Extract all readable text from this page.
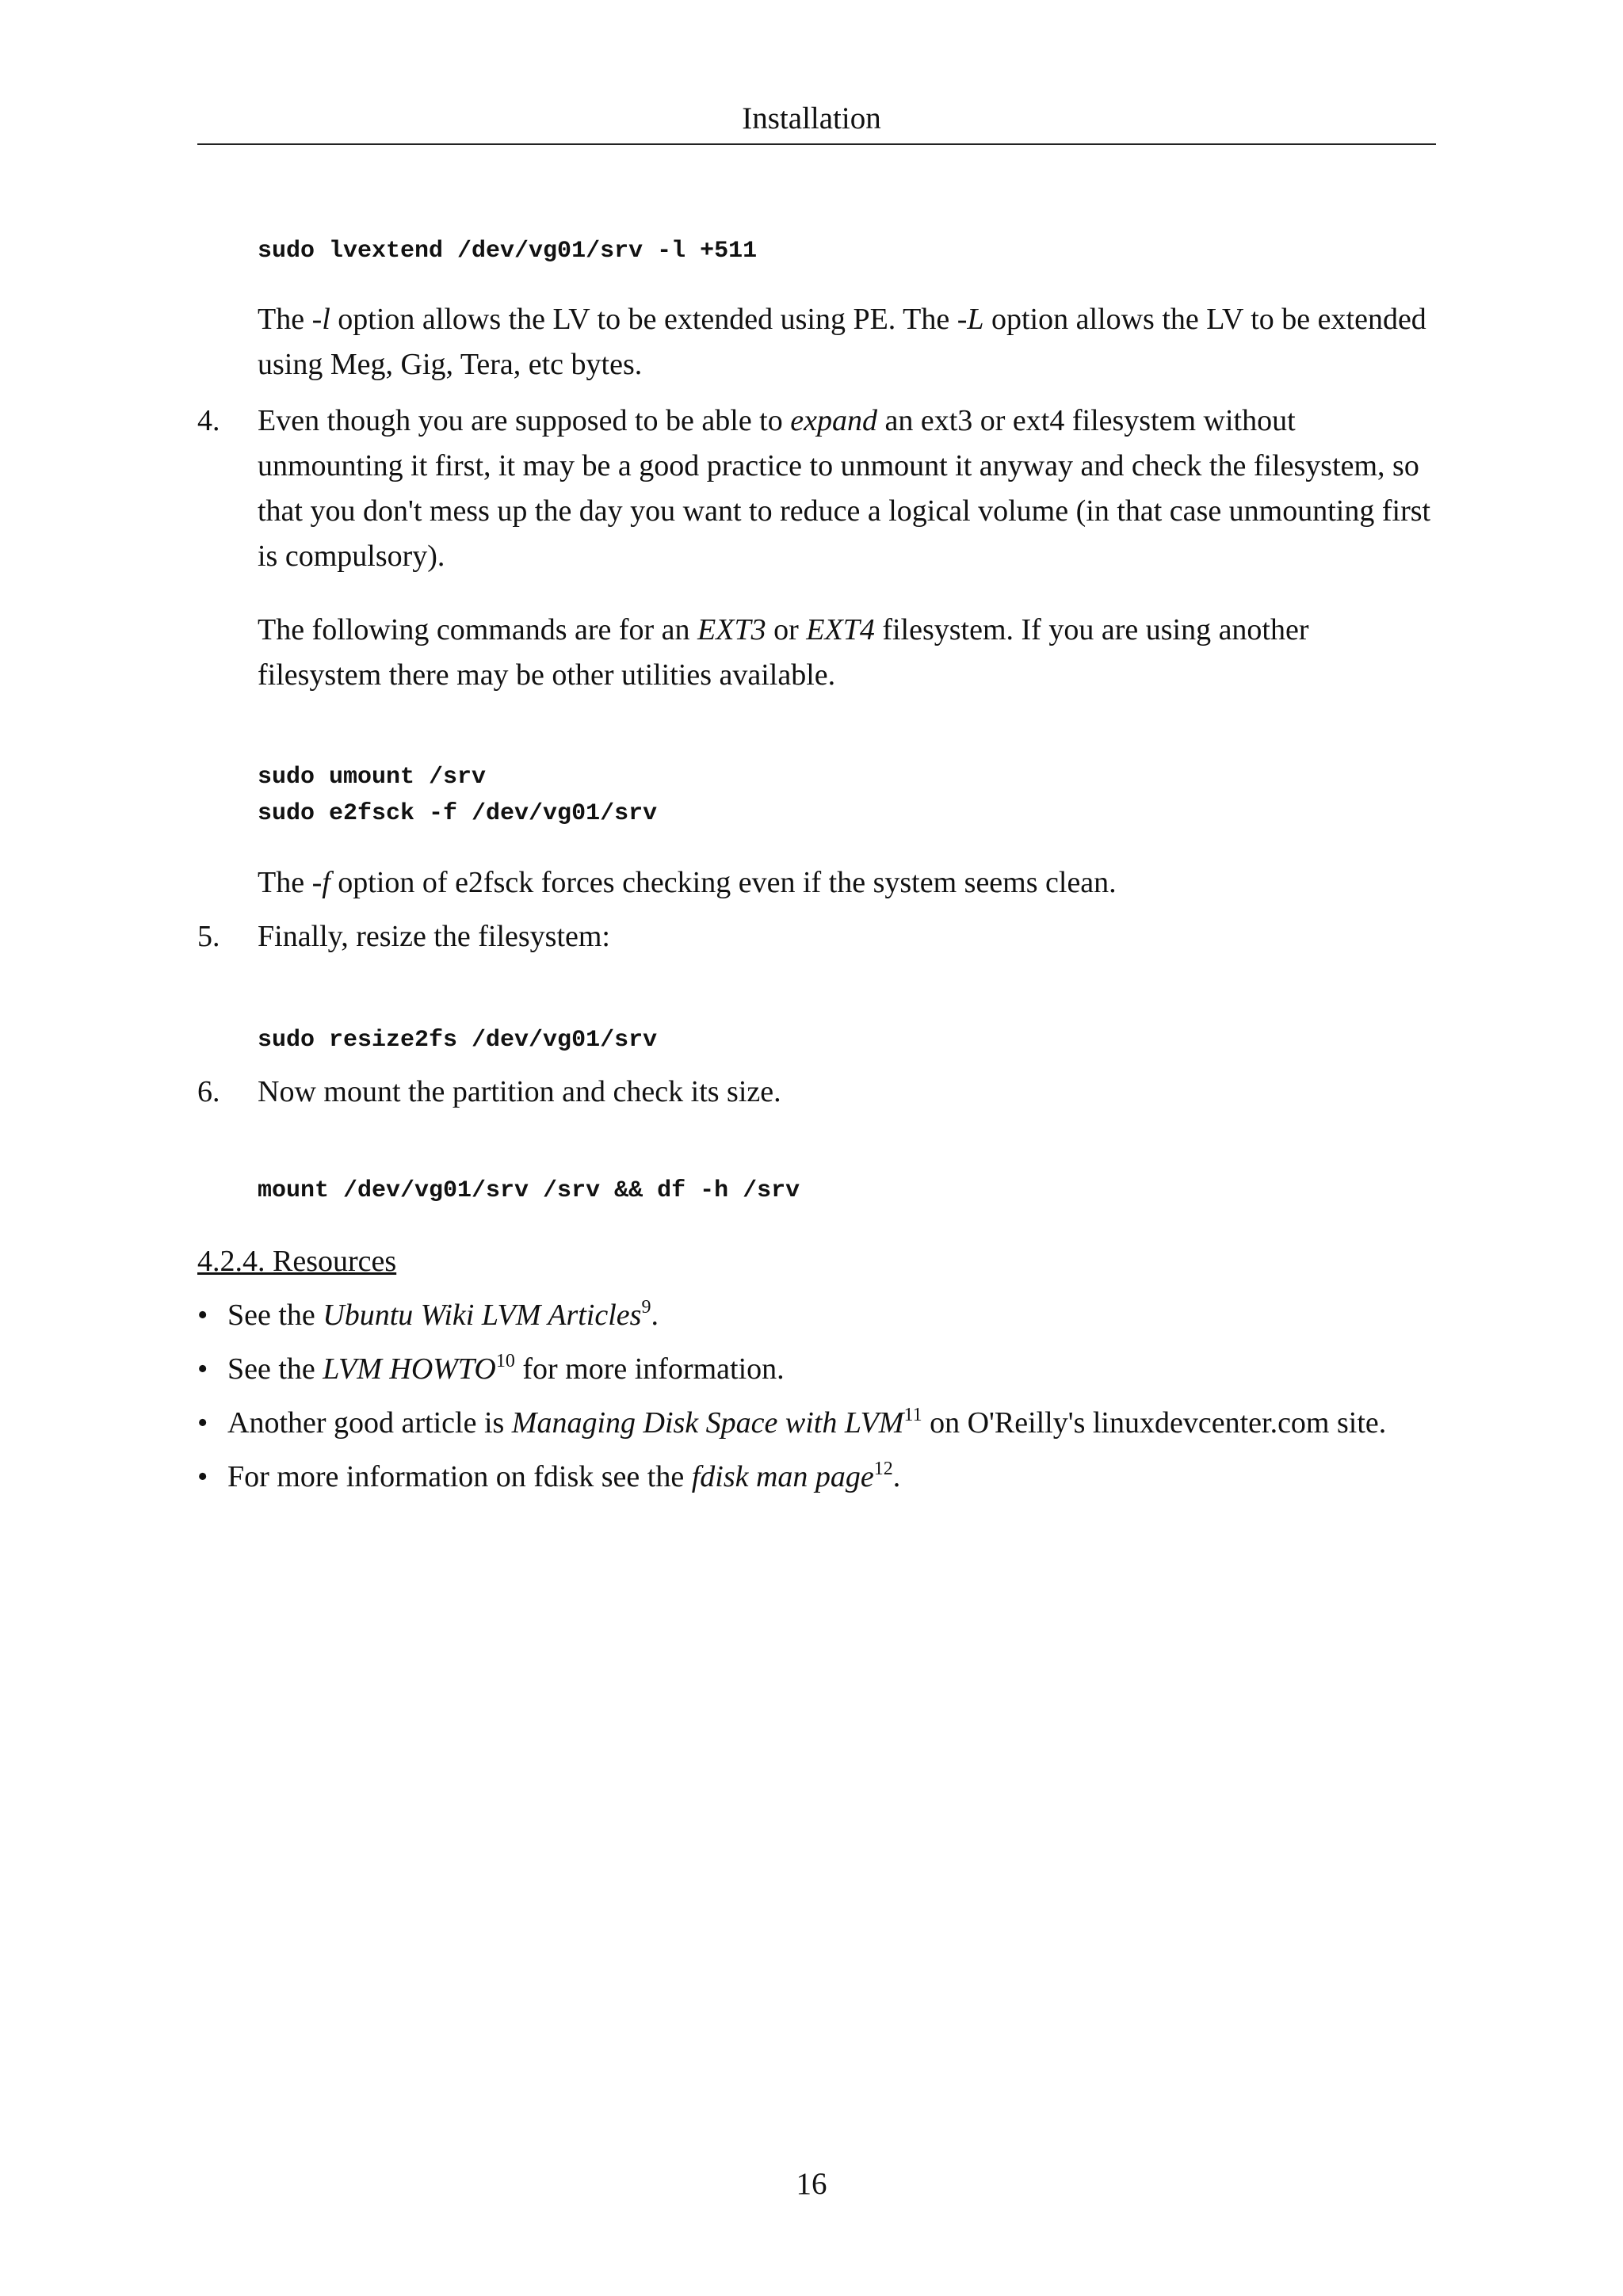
Installation
sudo lvextend /dev/vg01/srv -l +511
The -l option allows the LV to be extended using PE. The -L option allows the LV to be extended using Meg, Gig, Tera, etc bytes.
4. Even though you are supposed to be able to expand an ext3 or ext4 filesystem without unmounting it first, it may be a good practice to unmount it anyway and check the filesystem, so that you don't mess up the day you want to reduce a logical volume (in that case unmounting first is compulsory).
The following commands are for an EXT3 or EXT4 filesystem. If you are using another filesystem there may be other utilities available.
sudo umount /srv
sudo e2fsck -f /dev/vg01/srv
The -f option of e2fsck forces checking even if the system seems clean.
5. Finally, resize the filesystem:
sudo resize2fs /dev/vg01/srv
6. Now mount the partition and check its size.
mount /dev/vg01/srv /srv && df -h /srv
4.2.4. Resources
• See the Ubuntu Wiki LVM Articles$^9$.
• See the LVM HOWTO$^{10}$ for more information.
• Another good article is Managing Disk Space with LVM$^{11}$ on O'Reilly's linuxdevcenter.com site.
• For more information on fdisk see the fdisk man page$^{12}$.
16
